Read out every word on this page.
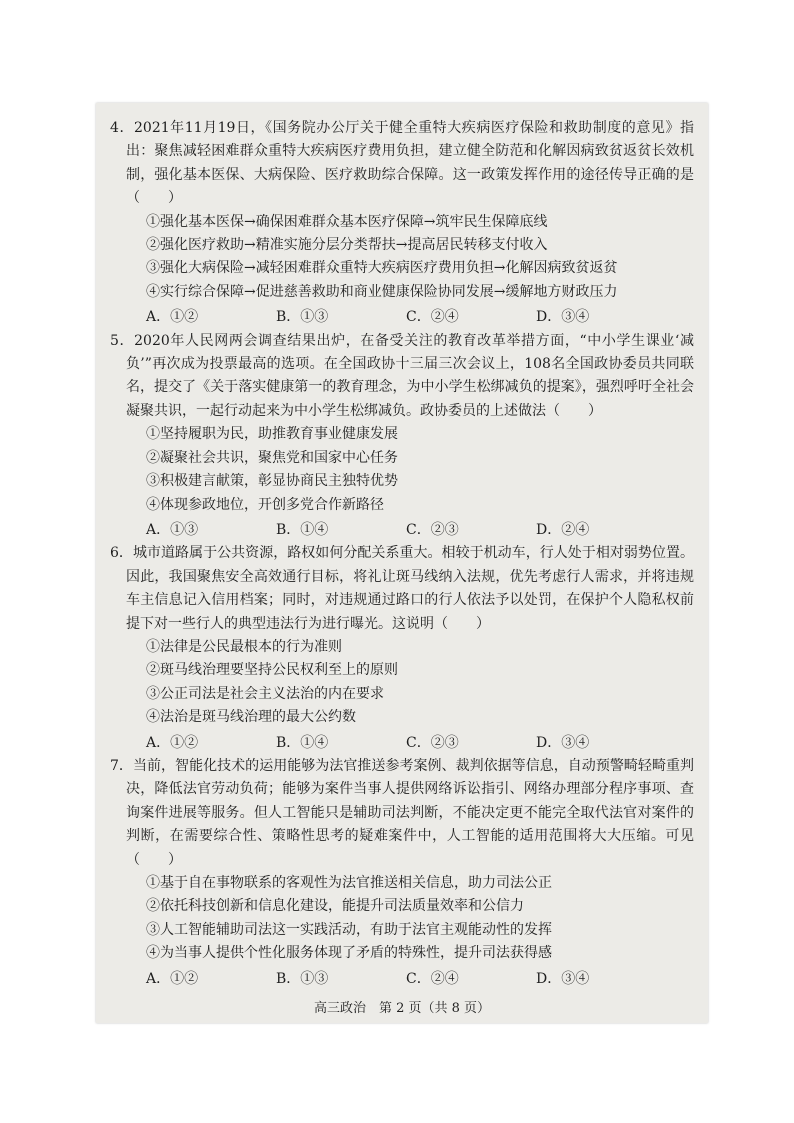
4．2021年11月19日，《国务院办公厅关于健全重特大疾病医疗保险和救助制度的意见》指出：聚焦减轻困难群众重特大疾病医疗费用负担，建立健全防范和化解因病致贫返贫长效机制，强化基本医保、大病保险、医疗救助综合保障。这一政策发挥作用的途径传导正确的是（　　）

①强化基本医保→确保困难群众基本医疗保障→筑牢民生保障底线

②强化医疗救助→精准实施分层分类帮扶→提高居民转移支付收入

③强化大病保险→减轻困难群众重特大疾病医疗费用负担→化解因病致贫返贫

④实行综合保障→促进慈善救助和商业健康保险协同发展→缓解地方财政压力

A．①②	B．①③	C．②④	D．③④

5．2020年人民网两会调查结果出炉，在备受关注的教育改革举措方面，“中小学生课业‘减负’”再次成为投票最高的选项。在全国政协十三届三次会议上，108名全国政协委员共同联名，提交了《关于落实健康第一的教育理念，为中小学生松绑减负的提案》，强烈呼吁全社会凝聚共识，一起行动起来为中小学生松绑减负。政协委员的上述做法（　　）

①坚持履职为民，助推教育事业健康发展

②凝聚社会共识，聚焦党和国家中心任务

③积极建言献策，彰显协商民主独特优势

④体现参政地位，开创多党合作新路径

A．①③	B．①④	C．②③	D．②④

6．城市道路属于公共资源，路权如何分配关系重大。相较于机动车，行人处于相对弱势位置。因此，我国聚焦安全高效通行目标，将礼让斑马线纳入法规，优先考虑行人需求，并将违规车主信息记入信用档案；同时，对违规通过路口的行人依法予以处罚，在保护个人隐私权前提下对一些行人的典型违法行为进行曝光。这说明（　　）

①法律是公民最根本的行为准则

②斑马线治理要坚持公民权利至上的原则

③公正司法是社会主义法治的内在要求

④法治是斑马线治理的最大公约数

A．①②	B．①④	C．②③	D．③④

7．当前，智能化技术的运用能够为法官推送参考案例、裁判依据等信息，自动预警畸轻畸重判决，降低法官劳动负荷；能够为案件当事人提供网络诉讼指引、网络办理部分程序事项、查询案件进展等服务。但人工智能只是辅助司法判断，不能决定更不能完全取代法官对案件的判断，在需要综合性、策略性思考的疑难案件中，人工智能的适用范围将大大压缩。可见（　　）

①基于自在事物联系的客观性为法官推送相关信息，助力司法公正

②依托科技创新和信息化建设，能提升司法质量效率和公信力

③人工智能辅助司法这一实践活动，有助于法官主观能动性的发挥

④为当事人提供个性化服务体现了矛盾的特殊性，提升司法获得感

A．①②	B．①③	C．②④	D．③④
高三政治　第 2 页（共 8 页）
